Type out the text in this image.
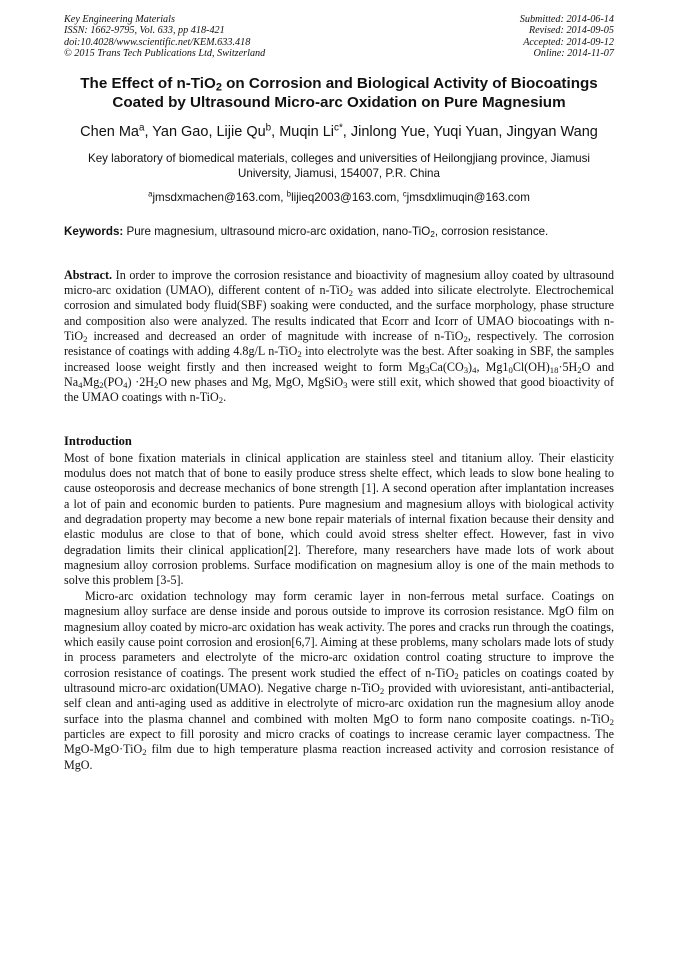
Key Engineering Materials
ISSN: 1662-9795, Vol. 633, pp 418-421
doi:10.4028/www.scientific.net/KEM.633.418
© 2015 Trans Tech Publications Ltd, Switzerland
Submitted: 2014-06-14
Revised: 2014-09-05
Accepted: 2014-09-12
Online: 2014-11-07
The Effect of n-TiO$_2$ on Corrosion and Biological Activity of Biocoatings Coated by Ultrasound Micro-arc Oxidation on Pure Magnesium
Chen Ma$^a$, Yan Gao, Lijie Qu$^b$, Muqin $Li^{c*}$, Jinlong Yue, Yuqi Yuan, Jingyan Wang
Key laboratory of biomedical materials, colleges and universities of Heilongjiang province, Jiamusi University, Jiamusi, 154007, P.R. China
$^a$jmsdxmachen@163.com, $^b$lijieq2003@163.com, $^c$jmsdxlimuqin@163.com
Keywords: Pure magnesium, ultrasound micro-arc oxidation, nano-TiO$_2$, corrosion resistance.

Abstract. In order to improve the corrosion resistance and bioactivity of magnesium alloy coated by ultrasound micro-arc oxidation (UMAO), different content of n-TiO$_2$ was added into silicate electrolyte. Electrochemical corrosion and simulated body fluid(SBF) soaking were conducted, and the surface morphology, phase structure and composition also were analyzed. The results indicated that Ecorr and Icorr of UMAO biocoatings with n-TiO$_2$ increased and decreased an order of magnitude with increase of n-TiO$_2$, respectively. The corrosion resistance of coatings with adding 4.8g/L n-TiO$_2$ into electrolyte was the best. After soaking in SBF, the samples increased loose weight firstly and then increased weight to form $Mg_3Ca(CO_3)_4$, $Mg1_0Cl(OH)_{18}\cdot 5H_2O$ and $Na_4Mg_2(PO_4) \cdot 2H_2O$ new phases and Mg, MgO, MgSiO$_3$ were still exit, which showed that good bioactivity of the UMAO coatings with n-TiO$_2$.

Introduction

Most of bone fixation materials in clinical application are stainless steel and titanium alloy. Their elasticity modulus does not match that of bone to easily produce stress shelte effect, which leads to slow bone healing to cause osteoporosis and decrease mechanics of bone strength [1]. A second operation after implantation increases a lot of pain and economic burden to patients. Pure magnesium and magnesium alloys with biological activity and degradation property may become a new bone repair materials of internal fixation because their density and elastic modulus are close to that of bone, which could avoid stress shelter effect. However, fast in vivo degradation limits their clinical application[2]. Therefore, many researchers have made lots of work about magnesium alloy corrosion problems. Surface modification on magnesium alloy is one of the main methods to solve this problem [3-5].

Micro-arc oxidation technology may form ceramic layer in non-ferrous metal surface. Coatings on magnesium alloy surface are dense inside and porous outside to improve its corrosion resistance. MgO film on magnesium alloy coated by micro-arc oxidation has weak activity. The pores and cracks run through the coatings, which easily cause point corrosion and erosion[6,7]. Aiming at these problems, many scholars made lots of study in process parameters and electrolyte of the micro-arc oxidation control coating structure to improve the corrosion resistance of coatings. The present work studied the effect of n-TiO$_2$ paticles on coatings coated by ultrasound micro-arc oxidation(UMAO). Negative charge n-TiO$_2$ provided with uvioresistant, anti-antibacterial, self clean and anti-aging used as additive in electrolyte of micro-arc oxidation run the magnesium alloy anode surface into the plasma channel and combined with molten MgO to form nano composite coatings. n-TiO$_2$ particles are expect to fill porosity and micro cracks of coatings to increase ceramic layer compactness. The MgO-MgO·TiO$_2$ film due to high temperature plasma reaction increased activity and corrosion resistance of MgO.
